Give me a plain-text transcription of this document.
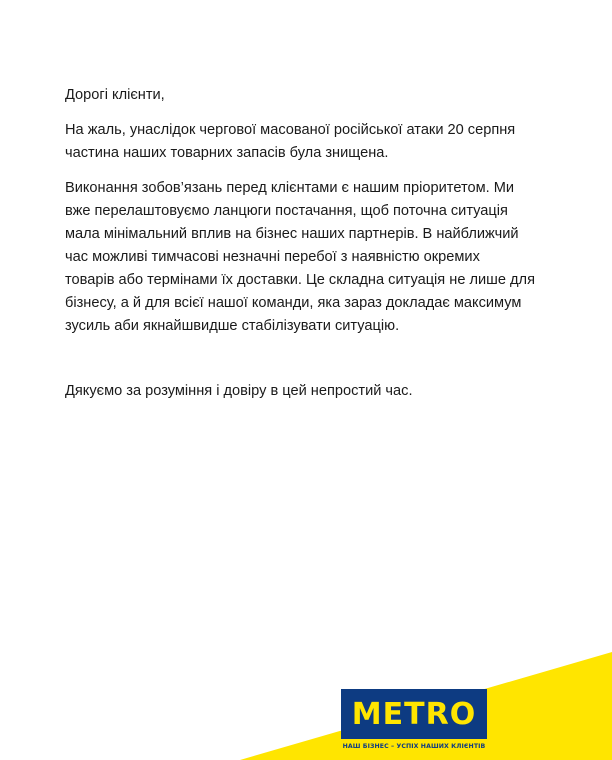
Дорогі клієнти,

На жаль, унаслідок чергової масованої російської атаки 20 серпня
частина наших товарних запасів була знищена.

Виконання зобов’язань перед клієнтами є нашим пріоритетом. Ми
вже перелаштовуємо ланцюги постачання, щоб поточна ситуація
мала мінімальний вплив на бізнес наших партнерів. В найближчий
час можливі тимчасові незначні перебої з наявністю окремих
товарів або термінами їх доставки. Це складна ситуація не лише для
бізнесу, а й для всієї нашої команди, яка зараз докладає максимум
зусиль аби якнайшвидше стабілізувати ситуацію.

Дякуємо за розуміння і довіру в цей непростий час.

METRO
НАШ БІЗНЕС – УСПІХ НАШИХ КЛІЄНТІВ
